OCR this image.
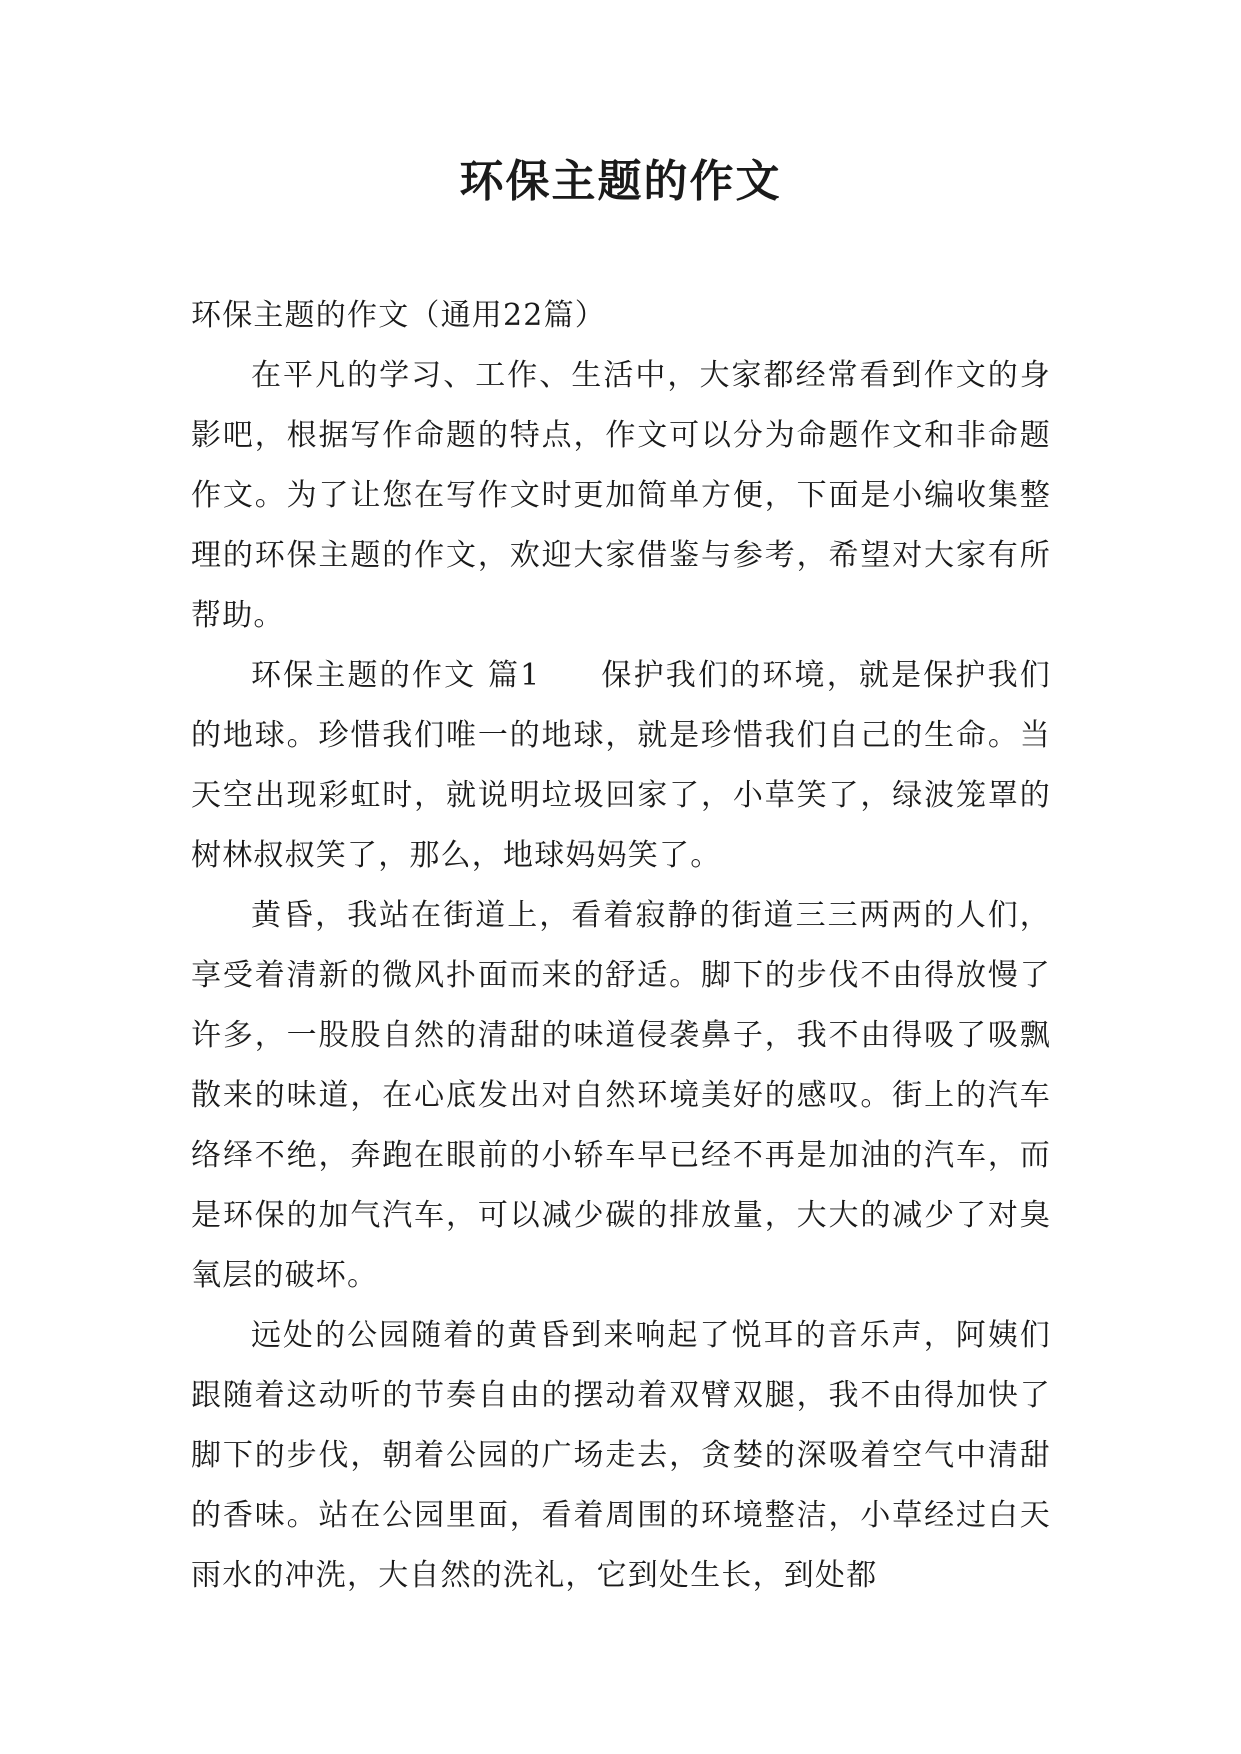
环保主题的作文

环保主题的作文（通用22篇）

在平凡的学习、工作、生活中，大家都经常看到作文的身影吧，根据写作命题的特点，作文可以分为命题作文和非命题作文。为了让您在写作文时更加简单方便，下面是小编收集整理的环保主题的作文，欢迎大家借鉴与参考，希望对大家有所帮助。

环保主题的作文 篇1 保护我们的环境，就是保护我们的地球。珍惜我们唯一的地球，就是珍惜我们自己的生命。当天空出现彩虹时，就说明垃圾回家了，小草笑了，绿波笼罩的树林叔叔笑了，那么，地球妈妈笑了。

黄昏，我站在街道上，看着寂静的街道三三两两的人们，享受着清新的微风扑面而来的舒适。脚下的步伐不由得放慢了许多，一股股自然的清甜的味道侵袭鼻子，我不由得吸了吸飘散来的味道，在心底发出对自然环境美好的感叹。街上的汽车络绎不绝，奔跑在眼前的小轿车早已经不再是加油的汽车，而是环保的加气汽车，可以减少碳的排放量，大大的减少了对臭氧层的破坏。

远处的公园随着的黄昏到来响起了悦耳的音乐声，阿姨们跟随着这动听的节奏自由的摆动着双臂双腿，我不由得加快了脚下的步伐，朝着公园的广场走去，贪婪的深吸着空气中清甜的香味。站在公园里面，看着周围的环境整洁，小草经过白天雨水的冲洗，大自然的洗礼，它到处生长，到处都
